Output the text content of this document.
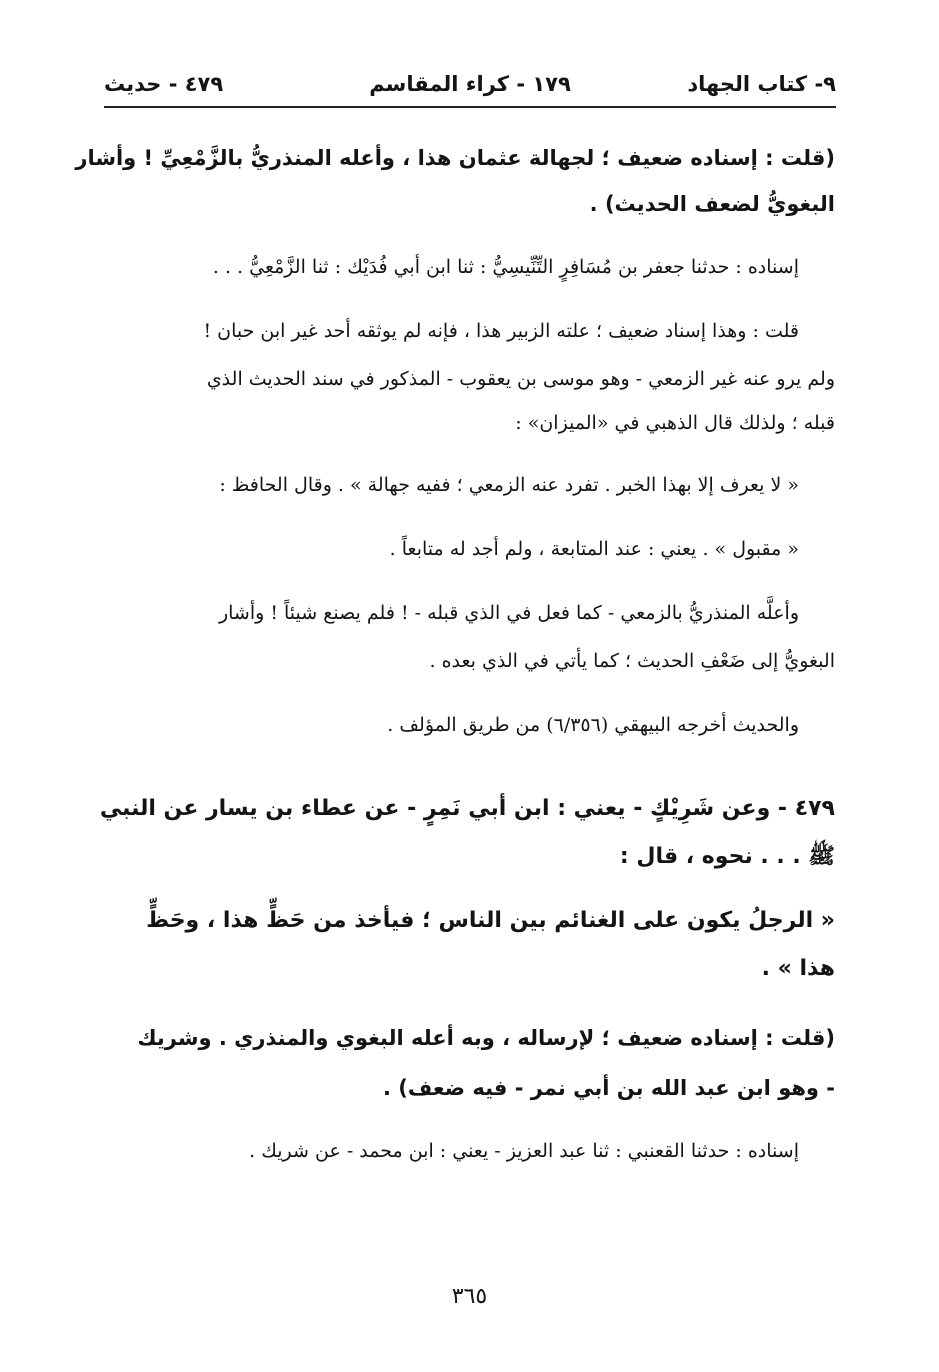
٩- كتاب الجهاد
١٧٩ - كراء المقاسم
٤٧٩ - حديث
(قلت : إسناده ضعيف ؛ لجهالة عثمان هذا ، وأعله المنذريُّ بالزَّمْعِيِّ ! وأشار
البغويُّ لضعف الحديث) .
إسناده : حدثنا جعفر بن مُسَافِرٍ التِّنِّيسِيُّ : ثنا ابن أبي فُدَيْك : ثنا الزَّمْعِيُّ . . .
قلت : وهذا إسناد ضعيف ؛ علته الزبير هذا ، فإنه لم يوثقه أحد غير ابن حبان !
ولم يرو عنه غير الزمعي - وهو موسى بن يعقوب - المذكور في سند الحديث الذي
قبله ؛ ولذلك قال الذهبي في «الميزان» :
« لا يعرف إلا بهذا الخبر . تفرد عنه الزمعي ؛ ففيه جهالة » . وقال الحافظ :
« مقبول » . يعني : عند المتابعة ، ولم أجد له متابعاً .
وأعلَّه المنذريُّ بالزمعي - كما فعل في الذي قبله - ! فلم يصنع شيئاً ! وأشار
البغويُّ إلى ضَعْفِ الحديث ؛ كما يأتي في الذي بعده .
والحديث أخرجه البيهقي (٦/٣٥٦) من طريق المؤلف .
٤٧٩ - وعن شَرِيْكٍ - يعني : ابن أبي نَمِرٍ - عن عطاء بن يسار عن النبي
ﷺ . . . نحوه ، قال :
« الرجلُ يكون على الغنائم بين الناس ؛ فيأخذ من حَظٍّ هذا ، وحَظٍّ
هذا » .
(قلت : إسناده ضعيف ؛ لإرساله ، وبه أعله البغوي والمنذري . وشريك
- وهو ابن عبد الله بن أبي نمر - فيه ضعف) .
إسناده : حدثنا القعنبي : ثنا عبد العزيز - يعني : ابن محمد - عن شريك .
٣٦٥
